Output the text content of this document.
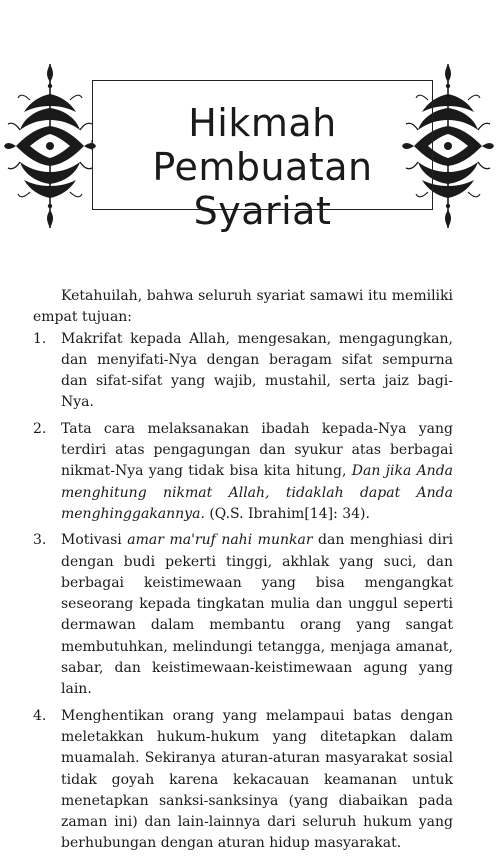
Hikmah
Pembuatan Syariat

Ketahuilah, bahwa seluruh syariat samawi itu memiliki empat tujuan:

1. Makrifat kepada Allah, mengesakan, mengagungkan, dan menyifati-Nya dengan beragam sifat sempurna dan sifat-sifat yang wajib, mustahil, serta jaiz bagi-Nya.
2. Tata cara melaksanakan ibadah kepada-Nya yang terdiri atas pengagungan dan syukur atas berbagai nikmat-Nya yang tidak bisa kita hitung, Dan jika Anda menghitung nikmat Allah, tidaklah dapat Anda menghinggakannya. (Q.S. Ibrahim[14]: 34).
3. Motivasi amar ma'ruf nahi munkar dan menghiasi diri dengan budi pekerti tinggi, akhlak yang suci, dan berbagai keistimewaan yang bisa mengangkat seseorang kepada tingkatan mulia dan unggul seperti dermawan dalam membantu orang yang sangat membutuhkan, melindungi tetangga, menjaga amanat, sabar, dan keistimewaan-keistimewaan agung yang lain.
4. Menghentikan orang yang melampaui batas dengan meletakkan hukum-hukum yang ditetapkan dalam muamalah. Sekiranya aturan-aturan masyarakat sosial tidak goyah karena kekacauan keamanan untuk menetapkan sanksi-sanksinya (yang diabaikan pada zaman ini) dan lain-lainnya dari seluruh hukum yang berhubungan dengan aturan hidup masyarakat.
